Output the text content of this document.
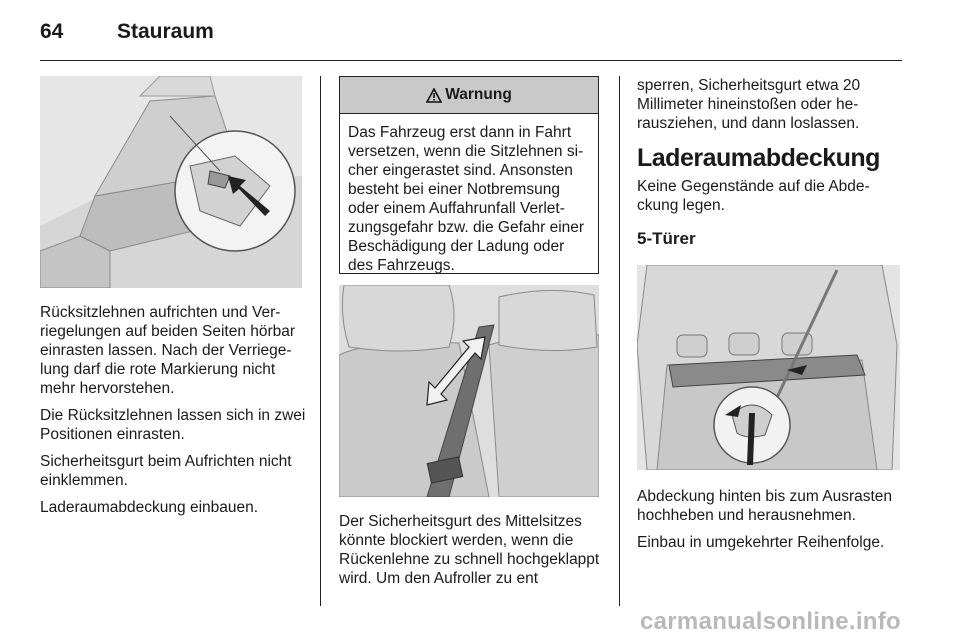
64	Stauraum

Rücksitzlehnen aufrichten und Verriegelungen auf beiden Seiten hörbar einrasten lassen. Nach der Verriegelung darf die rote Markierung nicht mehr hervorstehen.

Die Rücksitzlehnen lassen sich in zwei Positionen einrasten.

Sicherheitsgurt beim Aufrichten nicht einklemmen.

Laderaumabdeckung einbauen.

Warnung
Das Fahrzeug erst dann in Fahrt versetzen, wenn die Sitzlehnen sicher eingerastet sind. Ansonsten besteht bei einer Notbremsung oder einem Auffahrunfall Verletzungsgefahr bzw. die Gefahr einer Beschädigung der Ladung oder des Fahrzeugs.

Der Sicherheitsgurt des Mittelsitzes könnte blockiert werden, wenn die Rückenlehne zu schnell hochgeklappt wird. Um den Aufroller zu ent

sperren, Sicherheitsgurt etwa 20 Millimeter hineinstoßen oder herausziehen, und dann loslassen.

Laderaumabdeckung

Keine Gegenstände auf die Abdeckung legen.

5-Türer

Abdeckung hinten bis zum Ausrasten hochheben und herausnehmen.

Einbau in umgekehrter Reihenfolge.

carmanualsonline.info
